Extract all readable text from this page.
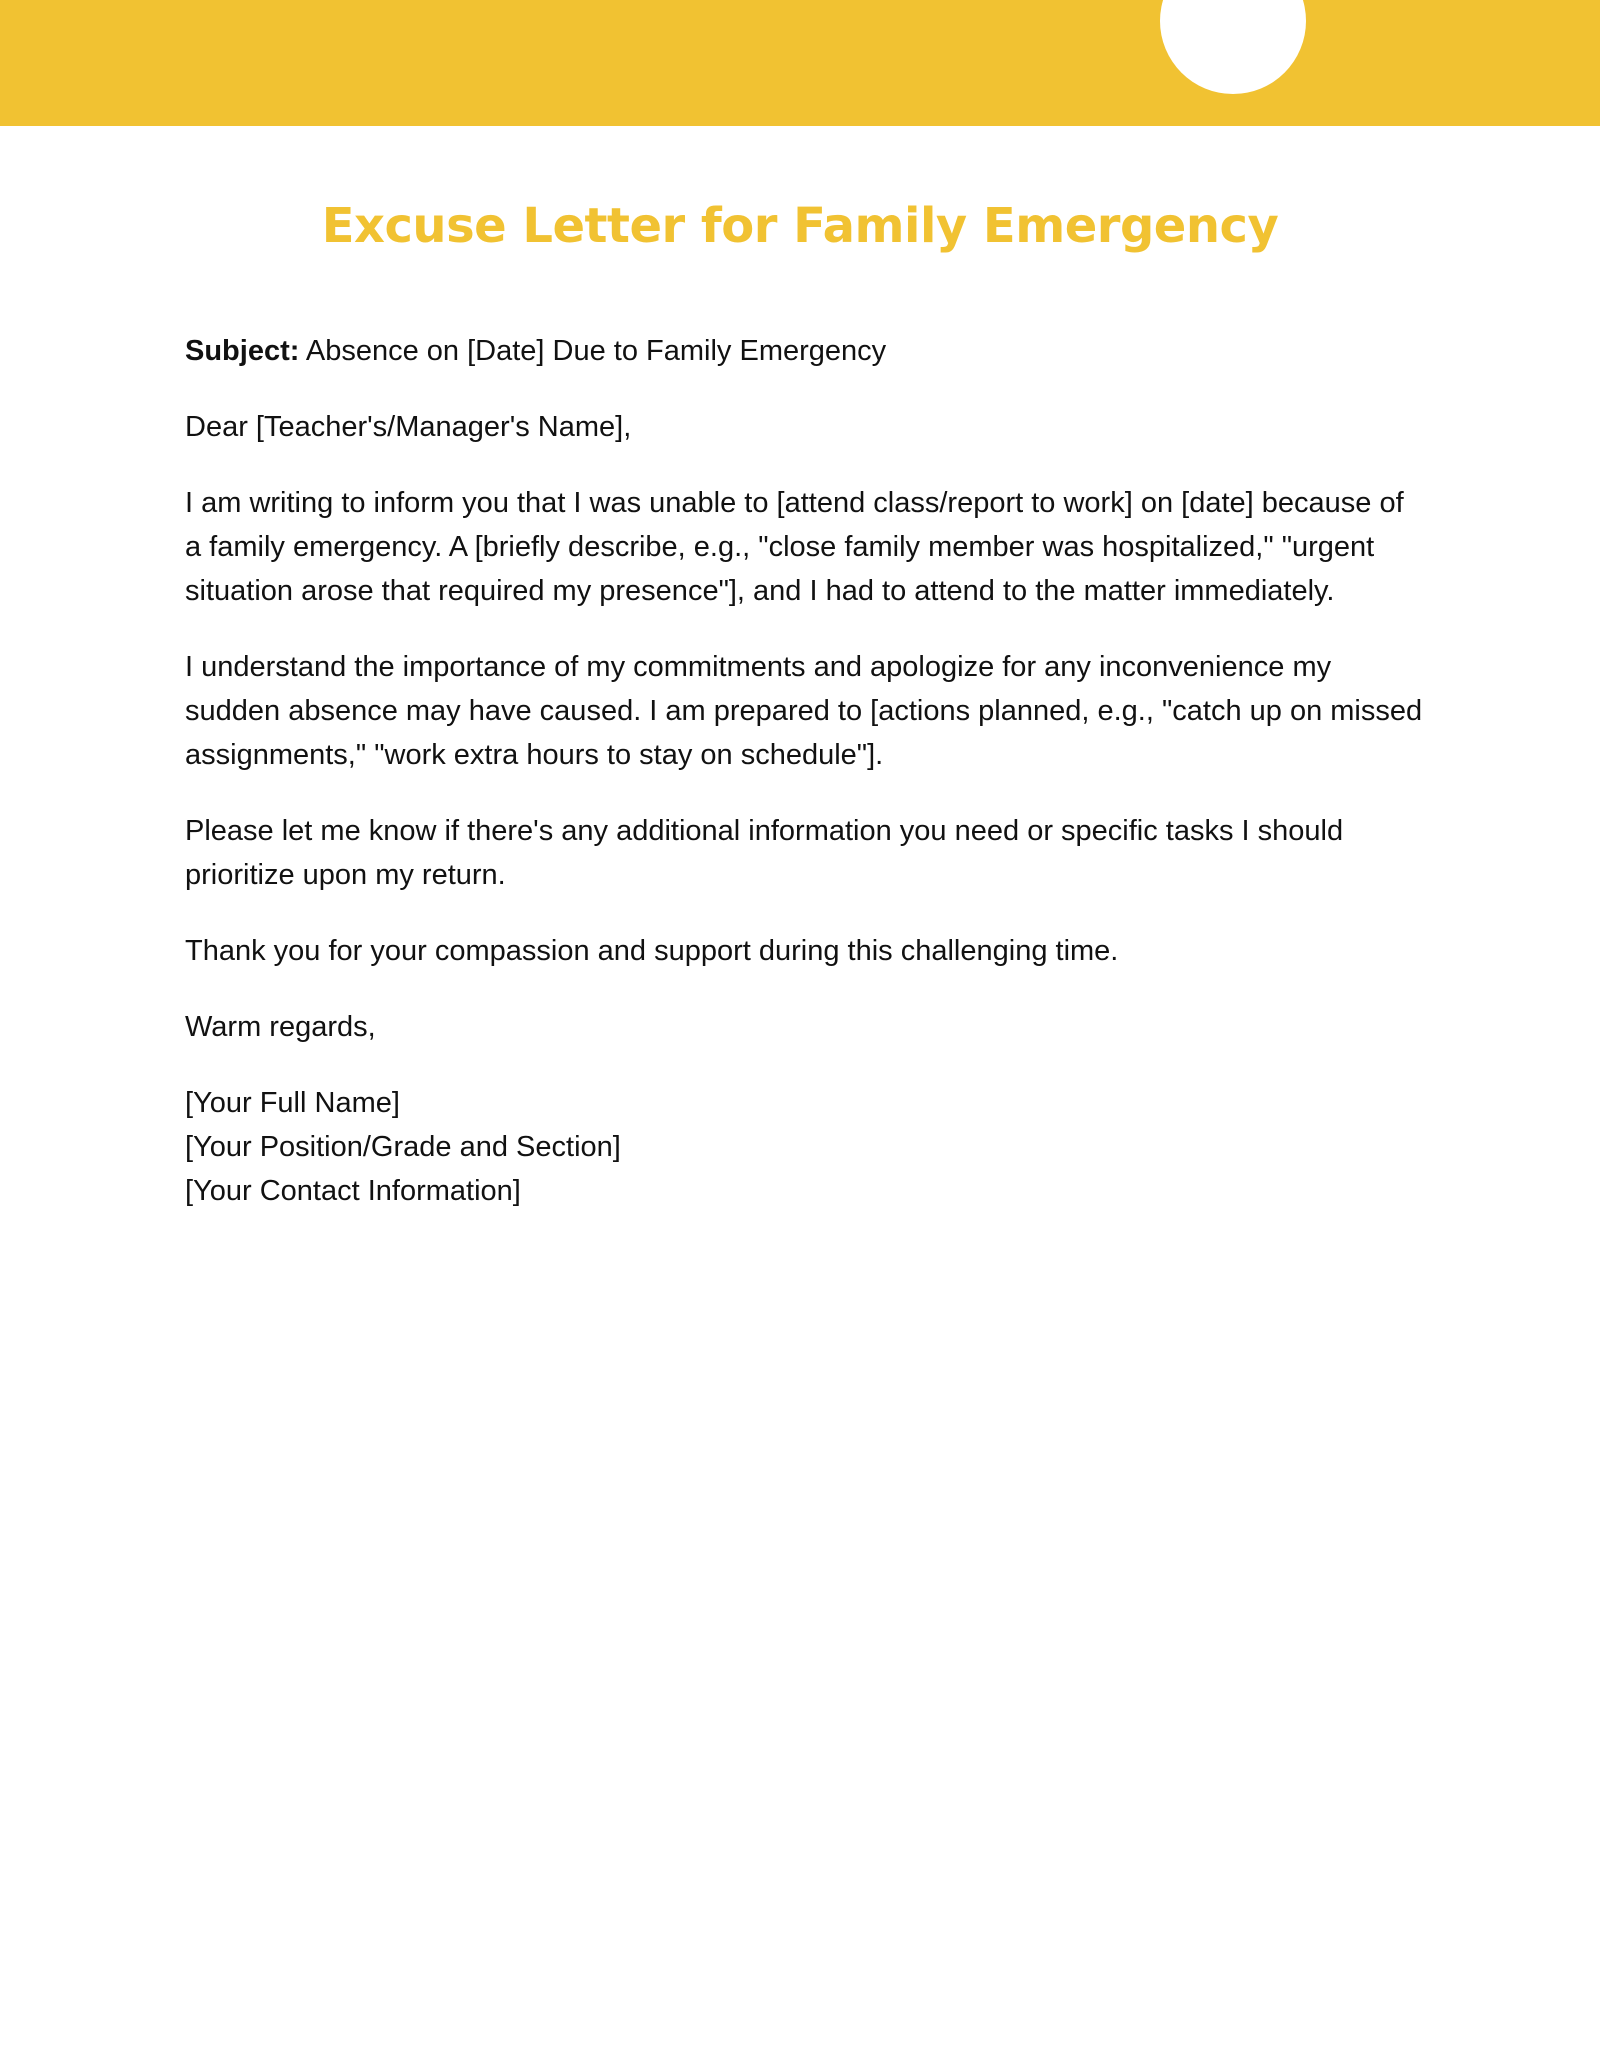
Excuse Letter for Family Emergency

Subject: Absence on [Date] Due to Family Emergency

Dear [Teacher's/Manager's Name],

I am writing to inform you that I was unable to [attend class/report to work] on [date] because of a family emergency. A [briefly describe, e.g., "close family member was hospitalized," "urgent situation arose that required my presence"], and I had to attend to the matter immediately.

I understand the importance of my commitments and apologize for any inconvenience my sudden absence may have caused. I am prepared to [actions planned, e.g., "catch up on missed assignments," "work extra hours to stay on schedule"].

Please let me know if there's any additional information you need or specific tasks I should prioritize upon my return.

Thank you for your compassion and support during this challenging time.

Warm regards,

[Your Full Name]

[Your Position/Grade and Section]

[Your Contact Information]
